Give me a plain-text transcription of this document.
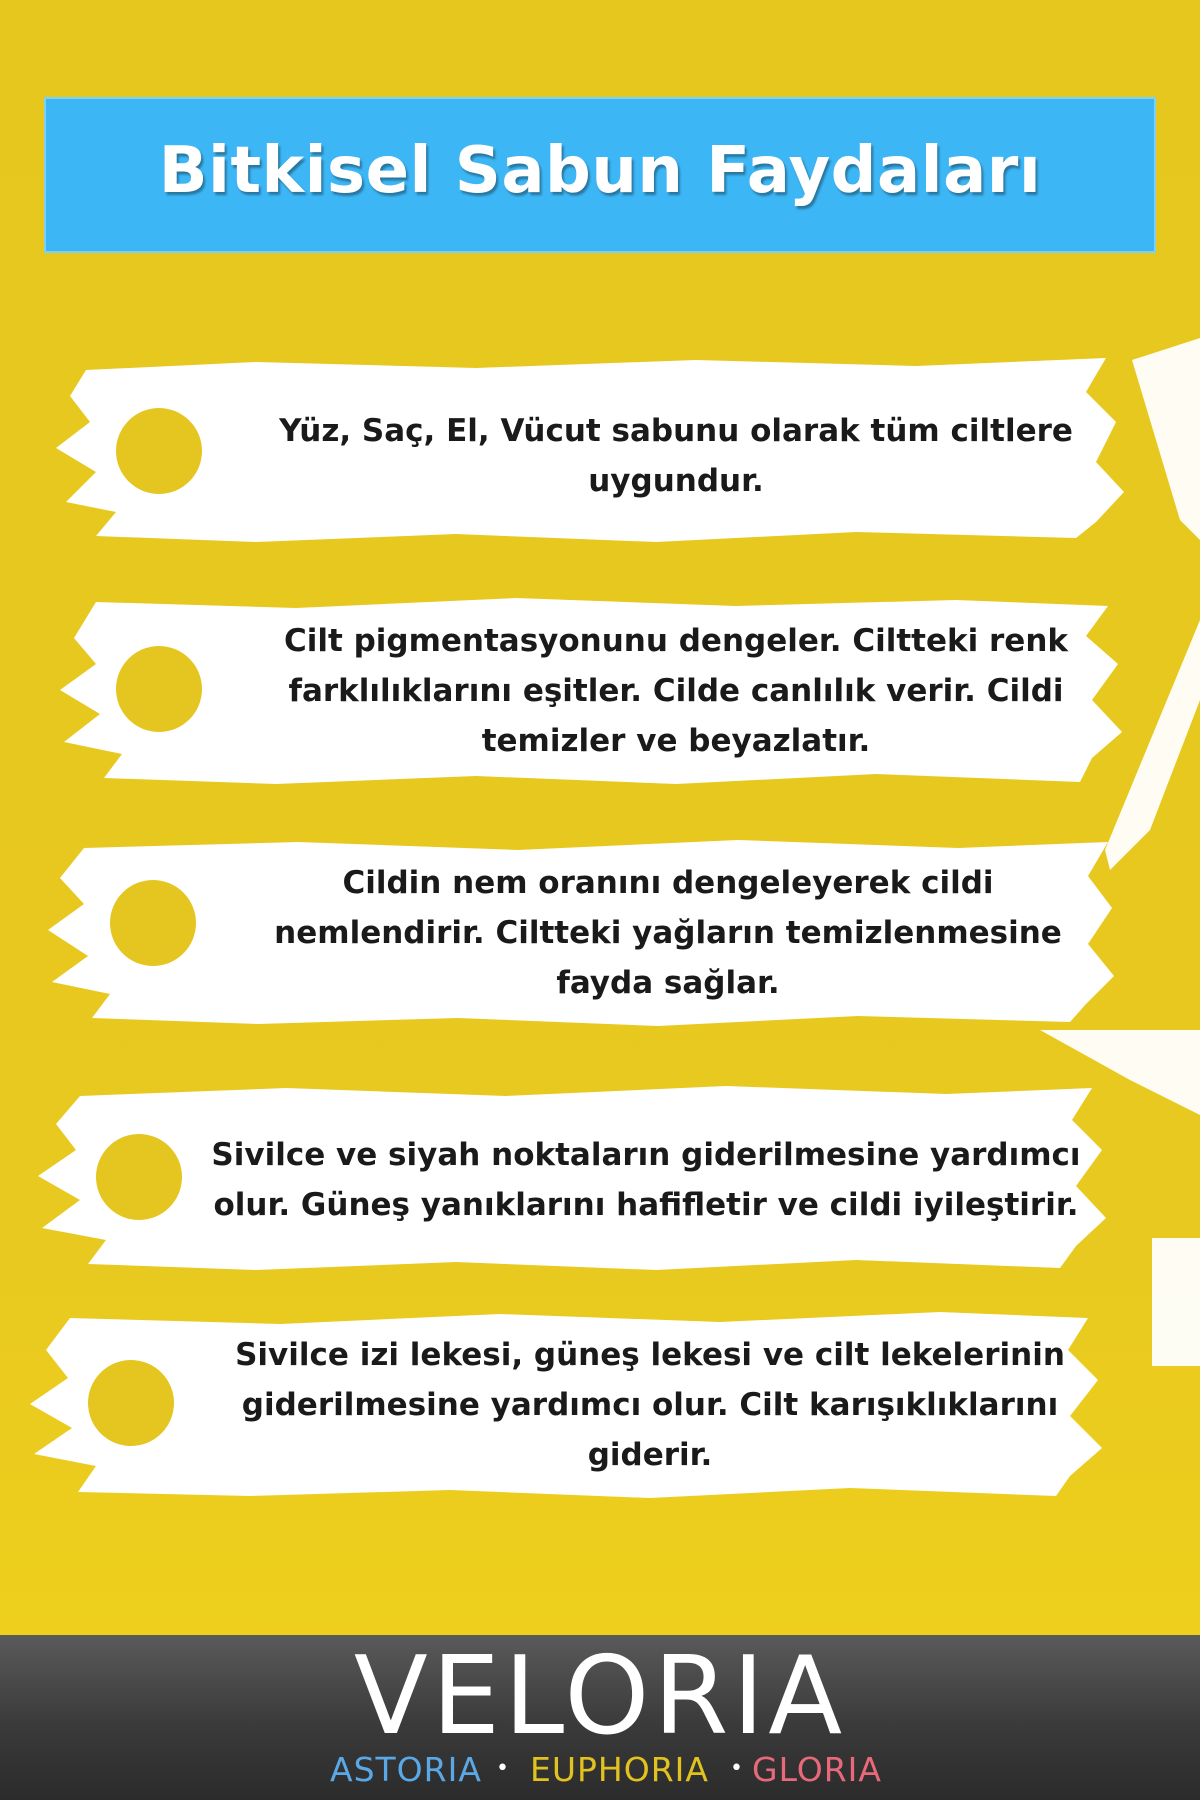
Bitkisel Sabun Faydaları
Yüz, Saç, El, Vücut sabunu olarak tüm ciltlere
uygundur.
Cilt pigmentasyonunu dengeler. Ciltteki renk
farklılıklarını eşitler. Cilde canlılık verir. Cildi
temizler ve beyazlatır.
Cildin nem oranını dengeleyerek cildi
nemlendirir. Ciltteki yağların temizlenmesine
fayda sağlar.
Sivilce ve siyah noktaların giderilmesine yardımcı
olur. Güneş yanıklarını hafifletir ve cildi iyileştirir.
Sivilce izi lekesi, güneş lekesi ve cilt lekelerinin
giderilmesine yardımcı olur. Cilt karışıklıklarını
giderir.
VELORIA
ASTORIA • EUPHORIA • GLORIA
